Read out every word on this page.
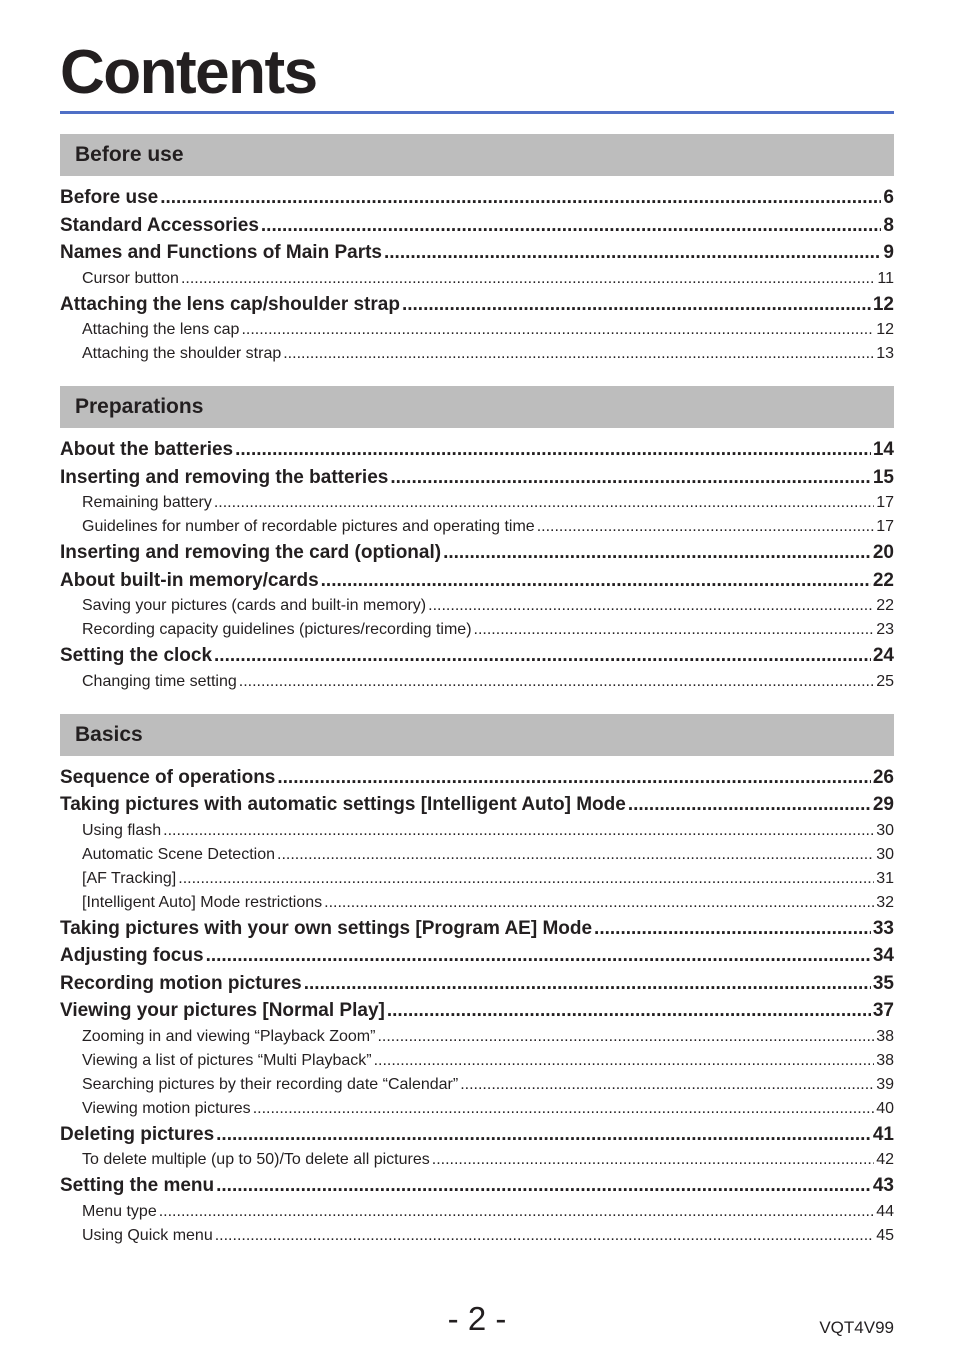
Contents
Before use
Before use .....	6
Standard Accessories .....	8
Names and Functions of Main Parts .....	9
Cursor button .....	11
Attaching the lens cap/shoulder strap .....	12
Attaching the lens cap .....	12
Attaching the shoulder strap .....	13
Preparations
About the batteries .....	14
Inserting and removing the batteries .....	15
Remaining battery .....	17
Guidelines for number of recordable pictures and operating time .....	17
Inserting and removing the card (optional) .....	20
About built-in memory/cards .....	22
Saving your pictures (cards and built-in memory) .....	22
Recording capacity guidelines (pictures/recording time) .....	23
Setting the clock .....	24
Changing time setting .....	25
Basics
Sequence of operations .....	26
Taking pictures with automatic settings [Intelligent Auto] Mode .....	29
Using flash .....	30
Automatic Scene Detection .....	30
[AF Tracking] .....	31
[Intelligent Auto] Mode restrictions .....	32
Taking pictures with your own settings [Program AE] Mode .....	33
Adjusting focus .....	34
Recording motion pictures .....	35
Viewing your pictures [Normal Play] .....	37
Zooming in and viewing “Playback Zoom” .....	38
Viewing a list of pictures “Multi Playback” .....	38
Searching pictures by their recording date “Calendar” .....	39
Viewing motion pictures .....	40
Deleting pictures .....	41
To delete multiple (up to 50)/To delete all pictures .....	42
Setting the menu .....	43
Menu type .....	44
Using Quick menu .....	45
- 2 -	VQT4V99
